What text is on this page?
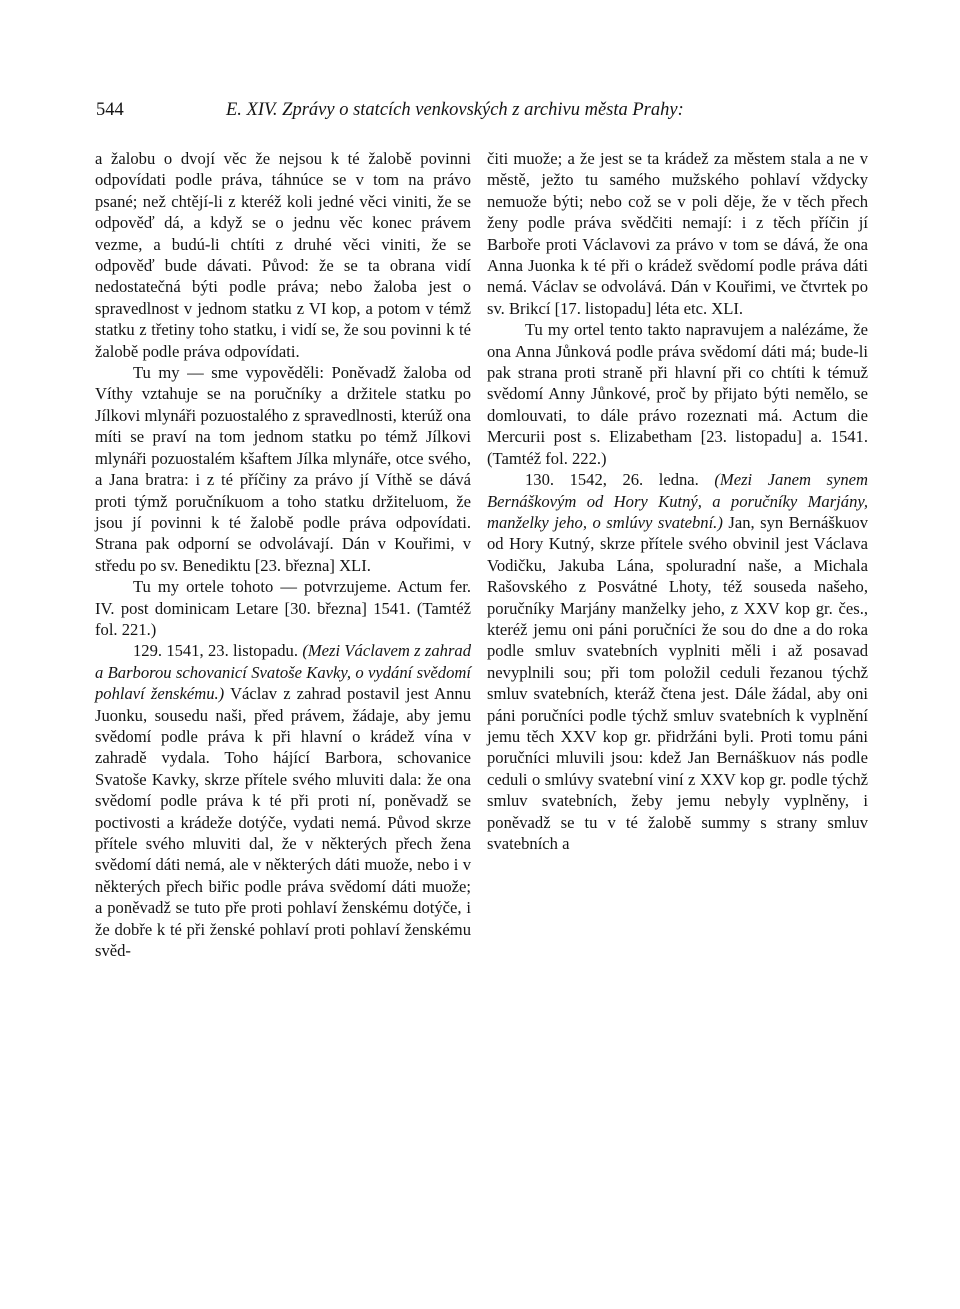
544	E. XIV. Zprávy o statcích venkovských z archivu města Prahy:

a žalobu o dvojí věc že nejsou k té žalobě povinni odpovídati podle práva, táhnúce se v tom na právo psané; než chtějí-li z kteréž koli jedné věci viniti, že se odpověď dá, a když se o jednu věc konec právem vezme, a budú-li chtíti z druhé věci viniti, že se odpověď bude dávati. Původ: že se ta obrana vidí nedostatečná býti podle práva; nebo žaloba jest o spravedlnost v jednom statku z VI kop, a potom v témž statku z třetiny toho statku, i vidí se, že sou povinni k té žalobě podle práva odpovídati.

Tu my — sme vypověděli: Poněvadž žaloba od Víthy vztahuje se na poručníky a držitele statku po Jílkovi mlynáři pozuostalého z spravedlnosti, kterúž ona míti se praví na tom jednom statku po témž Jílkovi mlynáři pozuostalém kšaftem Jílka mlynáře, otce svého, a Jana bratra: i z té příčiny za právo jí Víthě se dává proti týmž poručníkuom a toho statku držiteluom, že jsou jí povinni k té žalobě podle práva odpovídati. Strana pak odporní se odvolávají. Dán v Kouřimi, v středu po sv. Benediktu [23. března] XLI.

Tu my ortele tohoto — potvrzujeme. Actum fer. IV. post dominicam Letare [30. března] 1541. (Tamtéž fol. 221.)

129. 1541, 23. listopadu. (Mezi Václavem z zahrad a Barborou schovanicí Svatoše Kavky, o vydání svědomí pohlaví ženskému.) Václav z zahrad postavil jest Annu Juonku, sousedu naši, před právem, žádaje, aby jemu svědomí podle práva k při hlavní o krádež vína v zahradě vydala. Toho hájící Barbora, schovanice Svatoše Kavky, skrze přítele svého mluviti dala: že ona svědomí podle práva k té při proti ní, poněvadž se poctivosti a krádeže dotýče, vydati nemá. Původ skrze přítele svého mluviti dal, že v některých přech žena svědomí dáti nemá, ale v některých dáti muože, nebo i v některých přech biřic podle práva svědomí dáti muože; a poněvadž se tuto pře proti pohlaví ženskému dotýče, i že dobře k té při ženské pohlaví proti pohlaví ženskému svěd-

čiti muože; a že jest se ta krádež za městem stala a ne v městě, ježto tu samého mužského pohlaví vždycky nemuože býti; nebo což se v poli děje, že v těch přech ženy podle práva svědčiti nemají: i z těch příčin jí Barboře proti Václavovi za právo v tom se dává, že ona Anna Juonka k té při o krádež svědomí podle práva dáti nemá. Václav se odvolává. Dán v Kouřimi, ve čtvrtek po sv. Brikcí [17. listopadu] léta etc. XLI.

Tu my ortel tento takto napravujem a nalézáme, že ona Anna Jůnková podle práva svědomí dáti má; bude-li pak strana proti straně při hlavní při co chtíti k témuž svědomí Anny Jůnkové, proč by přijato býti nemělo, se domlouvati, to dále právo rozeznati má. Actum die Mercurii post s. Elizabetham [23. listopadu] a. 1541. (Tamtéž fol. 222.)

130. 1542, 26. ledna. (Mezi Janem synem Bernáškovým od Hory Kutný, a poručníky Marjány, manželky jeho, o smlúvy svatební.) Jan, syn Bernáškuov od Hory Kutný, skrze přítele svého obvinil jest Václava Vodičku, Jakuba Lána, spoluradní naše, a Michala Rašovského z Posvátné Lhoty, též souseda našeho, poručníky Marjány manželky jeho, z XXV kop gr. čes., kteréž jemu oni páni poručníci že sou do dne a do roka podle smluv svatebních vyplniti měli i až posavad nevyplnili sou; při tom položil ceduli řezanou týchž smluv svatebních, kteráž čtena jest. Dále žádal, aby oni páni poručníci podle týchž smluv svatebních k vyplnění jemu těch XXV kop gr. přidržáni byli. Proti tomu páni poručníci mluvili jsou: kdež Jan Bernáškuov nás podle ceduli o smlúvy svatební viní z XXV kop gr. podle týchž smluv svatebních, žeby jemu nebyly vyplněny, i poněvadž se tu v té žalobě summy s strany smluv svatebních a
